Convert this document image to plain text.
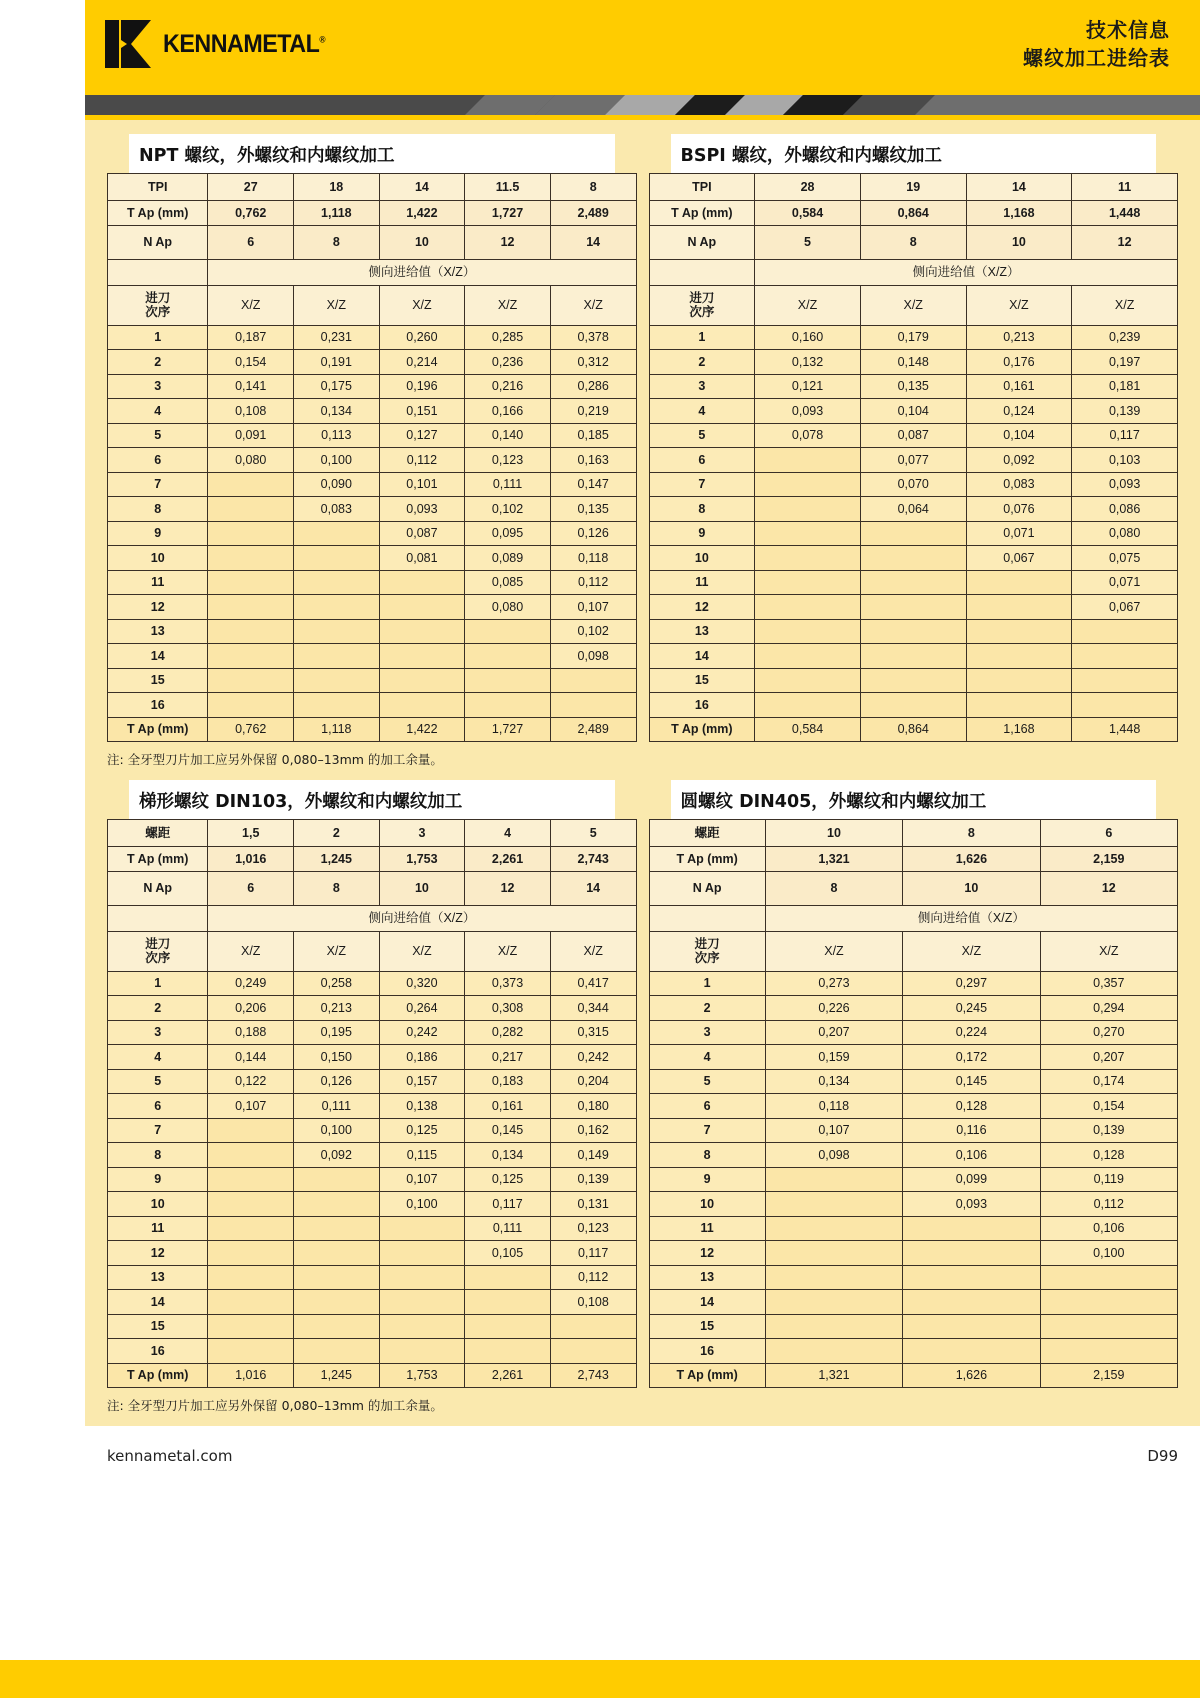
KENNAMETAL®	技术信息
螺纹加工进给表
NPT 螺纹，外螺纹和内螺纹加工	BSPI 螺纹，外螺纹和内螺纹加工
TPI	27	18	14	11.5	8
T Ap (mm)	0,762	1,118	1,422	1,727	2,489
N Ap	6	8	10	12	14
	侧向进给值（X/Z）				
进刀
次序	X/Z	X/Z	X/Z	X/Z	X/Z
1	0,187	0,231	0,260	0,285	0,378
2	0,154	0,191	0,214	0,236	0,312
3	0,141	0,175	0,196	0,216	0,286
4	0,108	0,134	0,151	0,166	0,219
5	0,091	0,113	0,127	0,140	0,185
6	0,080	0,100	0,112	0,123	0,163
7		0,090	0,101	0,111	0,147
8		0,083	0,093	0,102	0,135
9			0,087	0,095	0,126
10			0,081	0,089	0,118
11				0,085	0,112
12				0,080	0,107
13					0,102
14					0,098
15					
16					
T Ap (mm)	0,762	1,118	1,422	1,727	2,489
TPI	28	19	14	11
T Ap (mm)	0,584	0,864	1,168	1,448
N Ap	5	8	10	12
	侧向进给值（X/Z）			
进刀
次序	X/Z	X/Z	X/Z	X/Z
1	0,160	0,179	0,213	0,239
2	0,132	0,148	0,176	0,197
3	0,121	0,135	0,161	0,181
4	0,093	0,104	0,124	0,139
5	0,078	0,087	0,104	0,117
6		0,077	0,092	0,103
7		0,070	0,083	0,093
8		0,064	0,076	0,086
9			0,071	0,080
10			0,067	0,075
11				0,071
12				0,067
13				
14				
15				
16				
T Ap (mm)	0,584	0,864	1,168	1,448
注: 全牙型刀片加工应另外保留 0,080–13mm 的加工余量。
梯形螺纹 DIN103，外螺纹和内螺纹加工	圆螺纹 DIN405，外螺纹和内螺纹加工
螺距	1,5	2	3	4	5
T Ap (mm)	1,016	1,245	1,753	2,261	2,743
N Ap	6	8	10	12	14
	侧向进给值（X/Z）				
进刀
次序	X/Z	X/Z	X/Z	X/Z	X/Z
1	0,249	0,258	0,320	0,373	0,417
2	0,206	0,213	0,264	0,308	0,344
3	0,188	0,195	0,242	0,282	0,315
4	0,144	0,150	0,186	0,217	0,242
5	0,122	0,126	0,157	0,183	0,204
6	0,107	0,111	0,138	0,161	0,180
7		0,100	0,125	0,145	0,162
8		0,092	0,115	0,134	0,149
9			0,107	0,125	0,139
10			0,100	0,117	0,131
11				0,111	0,123
12				0,105	0,117
13					0,112
14					0,108
15					
16					
T Ap (mm)	1,016	1,245	1,753	2,261	2,743
螺距	10	8	6
T Ap (mm)	1,321	1,626	2,159
N Ap	8	10	12
	侧向进给值（X/Z）		
进刀
次序	X/Z	X/Z	X/Z
1	0,273	0,297	0,357
2	0,226	0,245	0,294
3	0,207	0,224	0,270
4	0,159	0,172	0,207
5	0,134	0,145	0,174
6	0,118	0,128	0,154
7	0,107	0,116	0,139
8	0,098	0,106	0,128
9		0,099	0,119
10		0,093	0,112
11			0,106
12			0,100
13			
14			
15			
16			
T Ap (mm)	1,321	1,626	2,159
注: 全牙型刀片加工应另外保留 0,080–13mm 的加工余量。
kennametal.com	D99
